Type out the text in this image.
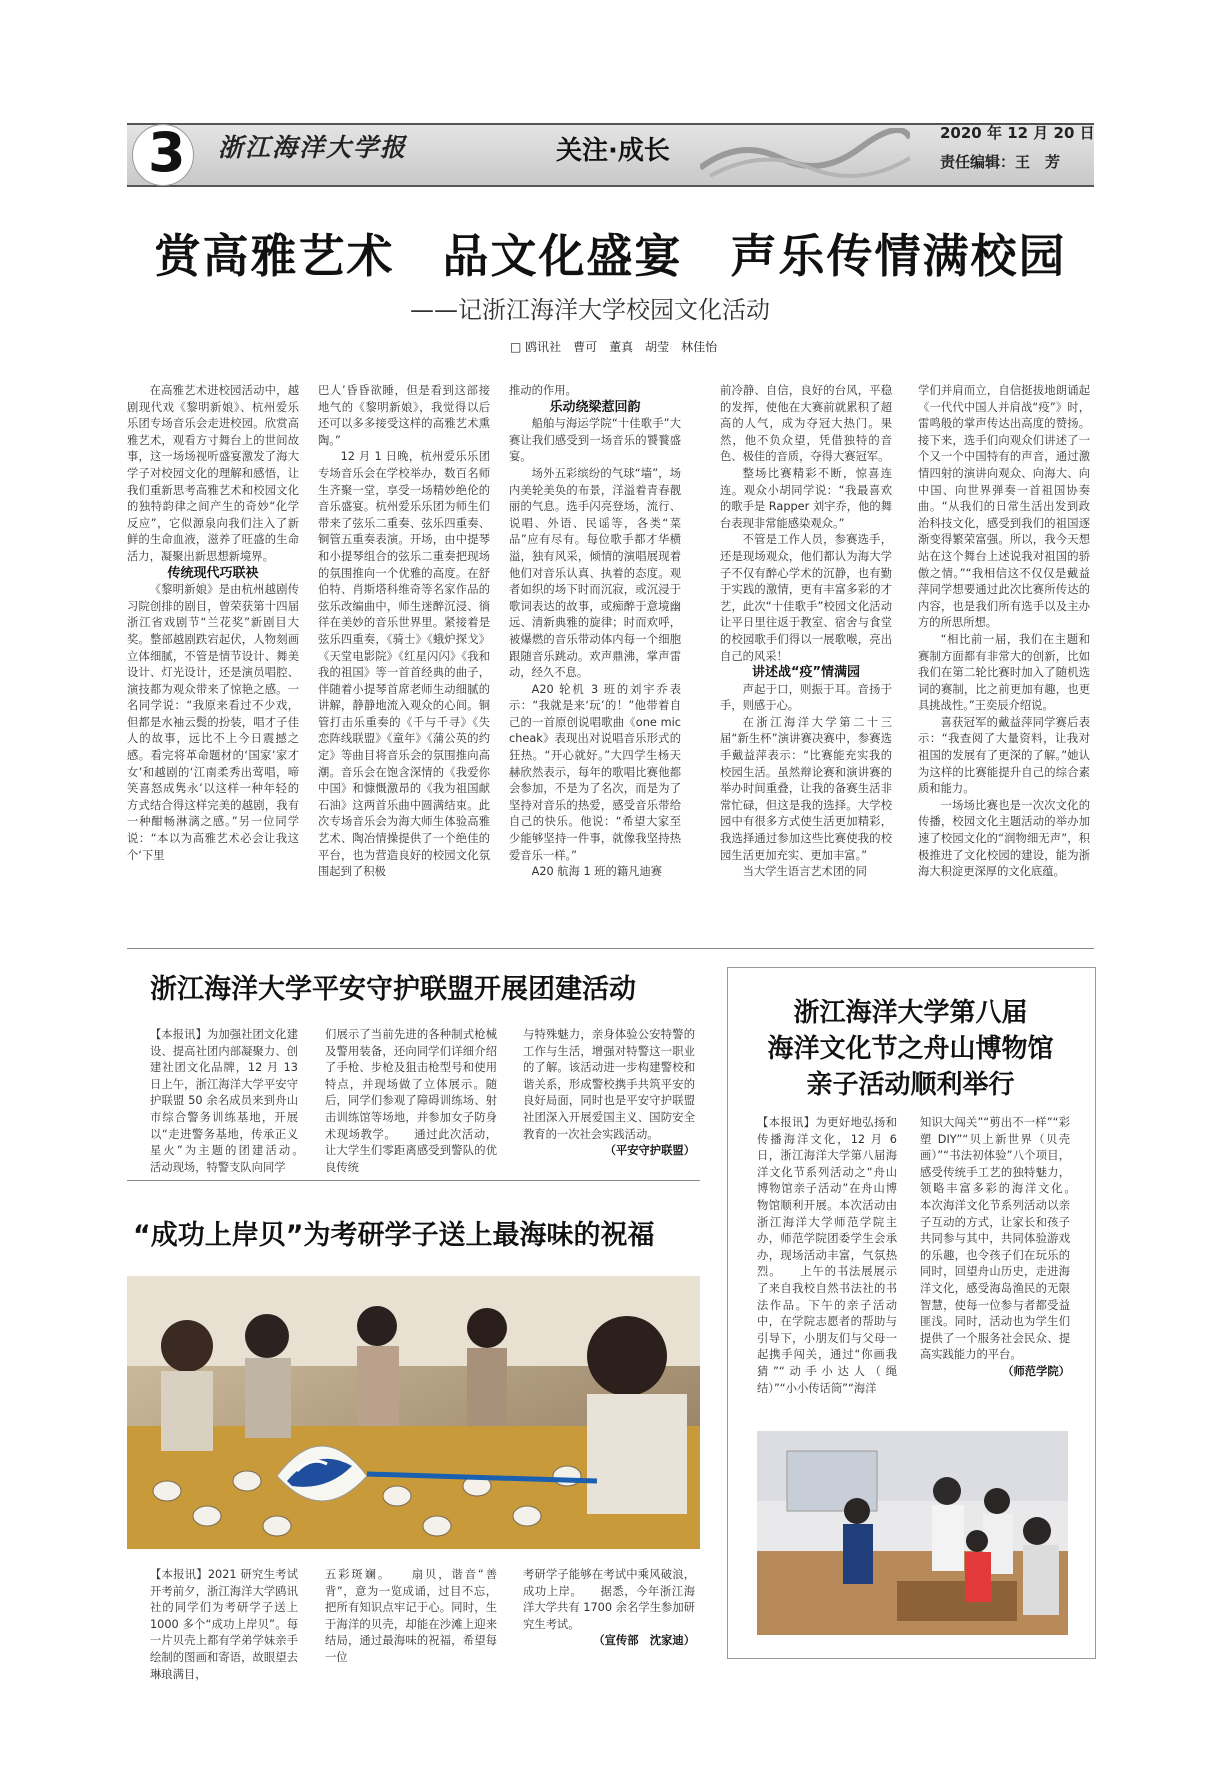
3	浙江海洋大学报	关注·成长
2020 年 12 月 20 日
责任编辑：王　芳
赏高雅艺术　品文化盛宴　声乐传情满校园
——记浙江海洋大学校园文化活动
□ 鸥讯社　曹可　董真　胡莹　林佳怡

在高雅艺术进校园活动中，越剧现代戏《黎明新娘》、杭州爱乐乐团专场音乐会走进校园。欣赏高雅艺术，观看方寸舞台上的世间故事，这一场场视听盛宴激发了海大学子对校园文化的理解和感悟，让我们重新思考高雅艺术和校园文化的独特韵律之间产生的奇妙“化学反应”，它似源泉向我们注入了新鲜的生命血液，滋养了旺盛的生命活力，凝聚出新思想新境界。

传统现代巧联袂

《黎明新娘》是由杭州越剧传习院创排的剧目，曾荣获第十四届浙江省戏剧节“兰花奖”新剧目大奖。整部越剧跌宕起伏，人物刻画立体细腻，不管是情节设计、舞美设计、灯光设计，还是演员唱腔、演技都为观众带来了惊艳之感。一名同学说：“我原来看过不少戏，但都是水袖云鬓的扮装，唱才子佳人的故事，远比不上今日震撼之感。看完将革命题材的‘国家’家才女’和越剧的‘江南柔秀出莺唱，啼笑喜怒成隽永’以这样一种年轻的方式结合得这样完美的越剧，我有一种酣畅淋漓之感。”另一位同学说：“本以为高雅艺术必会让我这个‘下里

巴人’昏昏欲睡，但是看到这部接地气的《黎明新娘》，我觉得以后还可以多多接受这样的高雅艺术熏陶。”

12 月 1 日晚，杭州爱乐乐团专场音乐会在学校举办，数百名师生齐聚一堂，享受一场精妙绝伦的音乐盛宴。杭州爱乐乐团为师生们带来了弦乐二重奏、弦乐四重奏、铜管五重奏表演。开场，由中提琴和小提琴组合的弦乐二重奏把现场的氛围推向一个优雅的高度。在舒伯特、肖斯塔科维奇等名家作品的弦乐改编曲中，师生迷醉沉浸、徜徉在美妙的音乐世界里。紧接着是弦乐四重奏，《骑士》《蛾炉探戈》《天堂电影院》《红星闪闪》《我和我的祖国》等一首首经典的曲子，伴随着小提琴首席老师生动细腻的讲解，静静地流入观众的心间。铜管打击乐重奏的《千与千寻》《失恋阵线联盟》《童年》《蒲公英的约定》等曲目将音乐会的氛围推向高潮。音乐会在饱含深情的《我爱你中国》和慷慨激昂的《我为祖国献石油》这两首乐曲中圆满结束。此次专场音乐会为海大师生体验高雅艺术、陶冶情操提供了一个绝佳的平台，也为营造良好的校园文化氛围起到了积极

推动的作用。

乐动绕梁惹回韵

船舶与海运学院“十佳歌手”大赛让我们感受到一场音乐的饕餮盛宴。

场外五彩缤纷的气球“墙”，场内美轮美奂的布景，洋溢着青春靓丽的气息。选手闪亮登场，流行、说唱、外语、民谣等，各类“菜品”应有尽有。每位歌手都才华横溢，独有风采，倾情的演唱展现着他们对音乐认真、执着的态度。观者如织的场下时而沉寂，或沉浸于歌词表达的故事，或痴醉于意境幽远、清新典雅的旋律；时而欢呼，被爆燃的音乐带动体内每一个细胞跟随音乐跳动。欢声鼎沸，掌声雷动，经久不息。

A20 轮机 3 班的刘宇乔表示：“我就是来‘玩’的！”他带着自己的一首原创说唱歌曲《one mic cheak》表现出对说唱音乐形式的狂热。“开心就好。”大四学生杨天赫欣然表示，每年的歌唱比赛他都会参加，不是为了名次，而是为了坚持对音乐的热爱，感受音乐带给自己的快乐。他说：“希望大家至少能够坚持一件事，就像我坚持热爱音乐一样。”

A20 航海 1 班的籍凡迪赛

前冷静、自信，良好的台风，平稳的发挥，使他在大赛前就累积了超高的人气，成为夺冠大热门。果然，他不负众望，凭借独特的音色、极佳的音质，夺得大赛冠军。

整场比赛精彩不断，惊喜连连。观众小胡同学说：“我最喜欢的歌手是 Rapper 刘宇乔，他的舞台表现非常能感染观众。”

不管是工作人员，参赛选手，还是现场观众，他们都认为海大学子不仅有醉心学术的沉静，也有勤于实践的激情，更有丰富多彩的才艺，此次“十佳歌手”校园文化活动让平日里往返于教室、宿舍与食堂的校园歌手们得以一展歌喉，亮出自己的风采！

讲述战“疫”情满园

声起于口，则振于耳。音扬于手，则感于心。

在浙江海洋大学第二十三届“新生杯”演讲赛决赛中，参赛选手戴益萍表示：“比赛能充实我的校园生活。虽然辩论赛和演讲赛的举办时间重叠，让我的备赛生活非常忙碌，但这是我的选择。大学校园中有很多方式使生活更加精彩，我选择通过参加这些比赛使我的校园生活更加充实、更加丰富。”

当大学生语言艺术团的同

学们并肩而立，自信挺拔地朗诵起《一代代中国人并肩战“疫”》时，雷鸣般的掌声传达出高度的赞扬。接下来，选手们向观众们讲述了一个又一个中国特有的声音，通过激情四射的演讲向观众、向海大、向中国、向世界弹奏一首祖国协奏曲。“从我们的日常生活出发到政治科技文化，感受到我们的祖国逐渐变得繁荣富强。所以，我今天想站在这个舞台上述说我对祖国的骄傲之情。”“我相信这不仅仅是戴益萍同学想要通过此次比赛所传达的内容，也是我们所有选手以及主办方的所思所想。

“相比前一届，我们在主题和赛制方面都有非常大的创新，比如我们在第二轮比赛时加入了随机选词的赛制，比之前更加有趣，也更具挑战性。”王奕辰介绍说。

喜获冠军的戴益萍同学赛后表示：“我查阅了大量资料，让我对祖国的发展有了更深的了解。”她认为这样的比赛能提升自己的综合素质和能力。

一场场比赛也是一次次文化的传播，校园文化主题活动的举办加速了校园文化的“润物细无声”，积极推进了文化校园的建设，能为浙海大积淀更深厚的文化底蕴。

浙江海洋大学平安守护联盟开展团建活动

【本报讯】为加强社团文化建设、提高社团内部凝聚力、创建社团文化品牌，12 月 13 日上午，浙江海洋大学平安守护联盟 50 余名成员来到舟山市综合警务训练基地，开展以“走进警务基地，传承正义星火”为主题的团建活动。　　活动现场，特警支队向同学

们展示了当前先进的各种制式枪械及警用装备，还向同学们详细介绍了手枪、步枪及狙击枪型号和使用特点，并现场做了立体展示。随后，同学们参观了障碍训练场、射击训练馆等场地，并参加女子防身术现场教学。　　通过此次活动，让大学生们零距离感受到警队的优良传统

与特殊魅力，亲身体验公安特警的工作与生活，增强对特警这一职业的了解。该活动进一步构建警校和谐关系，形成警校携手共筑平安的良好局面，同时也是平安守护联盟社团深入开展爱国主义、国防安全教育的一次社会实践活动。

（平安守护联盟）

“成功上岸贝”为考研学子送上最海味的祝福

【本报讯】2021 研究生考试开考前夕，浙江海洋大学鸥讯社的同学们为考研学子送上 1000 多个“成功上岸贝”。每一片贝壳上都有学弟学妹亲手绘制的图画和寄语，故眼望去琳琅满目，

五彩斑斓。　　扇贝，谐音“善背”，意为一览成诵，过目不忘，把所有知识点牢记于心。同时，生于海洋的贝壳，却能在沙滩上迎来结局，通过最海味的祝福，希望每一位

考研学子能够在考试中乘风破浪，成功上岸。　　据悉，今年浙江海洋大学共有 1700 余名学生参加研究生考试。

（宣传部　沈家迪）

浙江海洋大学第八届
海洋文化节之舟山博物馆
亲子活动顺利举行

【本报讯】为更好地弘扬和传播海洋文化，12 月 6 日，浙江海洋大学第八届海洋文化节系列活动之“舟山博物馆亲子活动”在舟山博物馆顺利开展。本次活动由浙江海洋大学师范学院主办，师范学院团委学生会承办，现场活动丰富，气氛热烈。　　上午的书法展展示了来自我校自然书法社的书法作品。下午的亲子活动中，在学院志愿者的帮助与引导下，小朋友们与父母一起携手闯关，通过“你画我猜”“动手小达人（绳结）”“小小传话筒”“海洋

知识大闯关”“剪出不一样”“彩塑 DIY”“贝上新世界（贝壳画）”“书法初体验”八个项目，感受传统手工艺的独特魅力，领略丰富多彩的海洋文化。　　本次海洋文化节系列活动以亲子互动的方式，让家长和孩子共同参与其中，共同体验游戏的乐趣，也令孩子们在玩乐的同时，回望舟山历史，走进海洋文化，感受海岛渔民的无限智慧，使每一位参与者都受益匪浅。同时，活动也为学生们提供了一个服务社会民众、提高实践能力的平台。

（师范学院）
